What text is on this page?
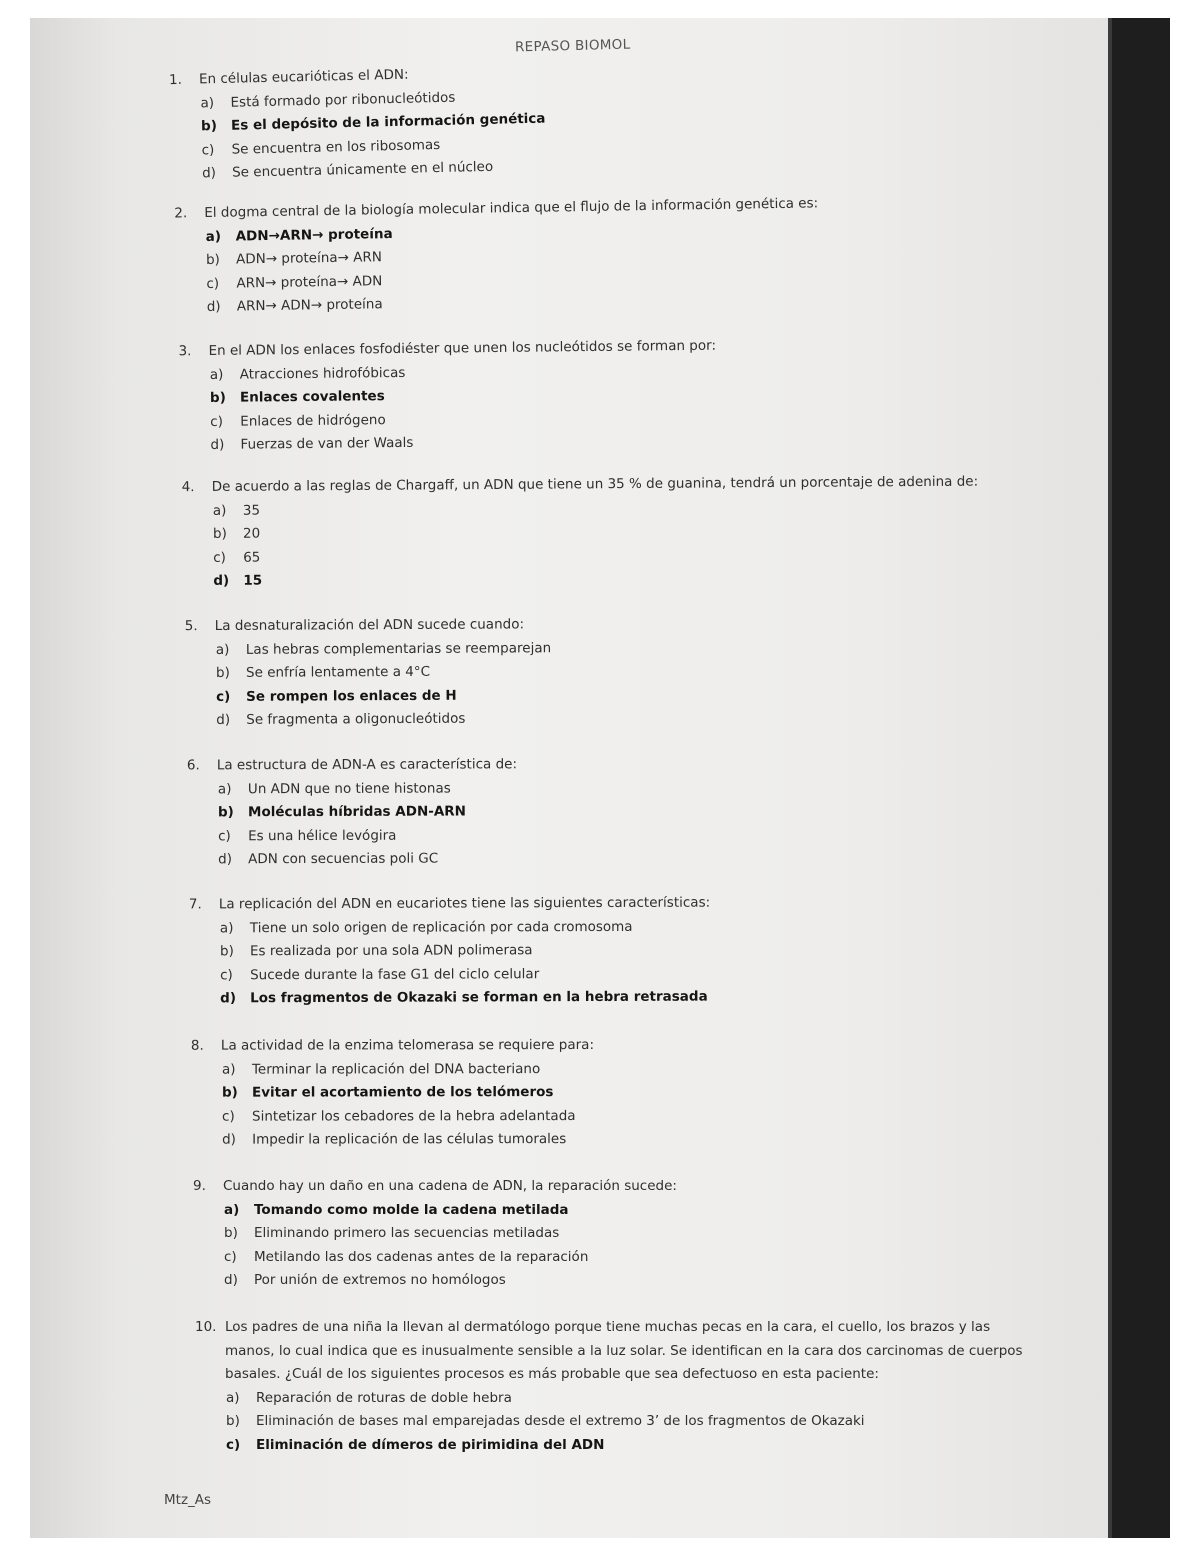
REPASO BIOMOL
1.	En células eucarióticas el ADN:
a)	Está formado por ribonucleótidos
b)	Es el depósito de la información genética
c)	Se encuentra en los ribosomas
d)	Se encuentra únicamente en el núcleo
2.	El dogma central de la biología molecular indica que el flujo de la información genética es:
a)	ADN→ARN→ proteína
b)	ADN→ proteína→ ARN
c)	ARN→ proteína→ ADN
d)	ARN→ ADN→ proteína
3.	En el ADN los enlaces fosfodiéster que unen los nucleótidos se forman por:
a)	Atracciones hidrofóbicas
b)	Enlaces covalentes
c)	Enlaces de hidrógeno
d)	Fuerzas de van der Waals
4.	De acuerdo a las reglas de Chargaff, un ADN que tiene un 35 % de guanina, tendrá un porcentaje de adenina de:
a)	35
b)	20
c)	65
d)	15
5.	La desnaturalización del ADN sucede cuando:
a)	Las hebras complementarias se reemparejan
b)	Se enfría lentamente a 4°C
c)	Se rompen los enlaces de H
d)	Se fragmenta a oligonucleótidos
6.	La estructura de ADN-A es característica de:
a)	Un ADN que no tiene histonas
b)	Moléculas híbridas ADN-ARN
c)	Es una hélice levógira
d)	ADN con secuencias poli GC
7.	La replicación del ADN en eucariotes tiene las siguientes características:
a)	Tiene un solo origen de replicación por cada cromosoma
b)	Es realizada por una sola ADN polimerasa
c)	Sucede durante la fase G1 del ciclo celular
d)	Los fragmentos de Okazaki se forman en la hebra retrasada
8.	La actividad de la enzima telomerasa se requiere para:
a)	Terminar la replicación del DNA bacteriano
b)	Evitar el acortamiento de los telómeros
c)	Sintetizar los cebadores de la hebra adelantada
d)	Impedir la replicación de las células tumorales
9.	Cuando hay un daño en una cadena de ADN, la reparación sucede:
a)	Tomando como molde la cadena metilada
b)	Eliminando primero las secuencias metiladas
c)	Metilando las dos cadenas antes de la reparación
d)	Por unión de extremos no homólogos
10. Los padres de una niña la llevan al dermatólogo porque tiene muchas pecas en la cara, el cuello, los brazos y las manos, lo cual indica que es inusualmente sensible a la luz solar. Se identifican en la cara dos carcinomas de cuerpos basales. ¿Cuál de los siguientes procesos es más probable que sea defectuoso en esta paciente:
a)	Reparación de roturas de doble hebra
b)	Eliminación de bases mal emparejadas desde el extremo 3’ de los fragmentos de Okazaki
c)	Eliminación de dímeros de pirimidina del ADN
Mtz_As
